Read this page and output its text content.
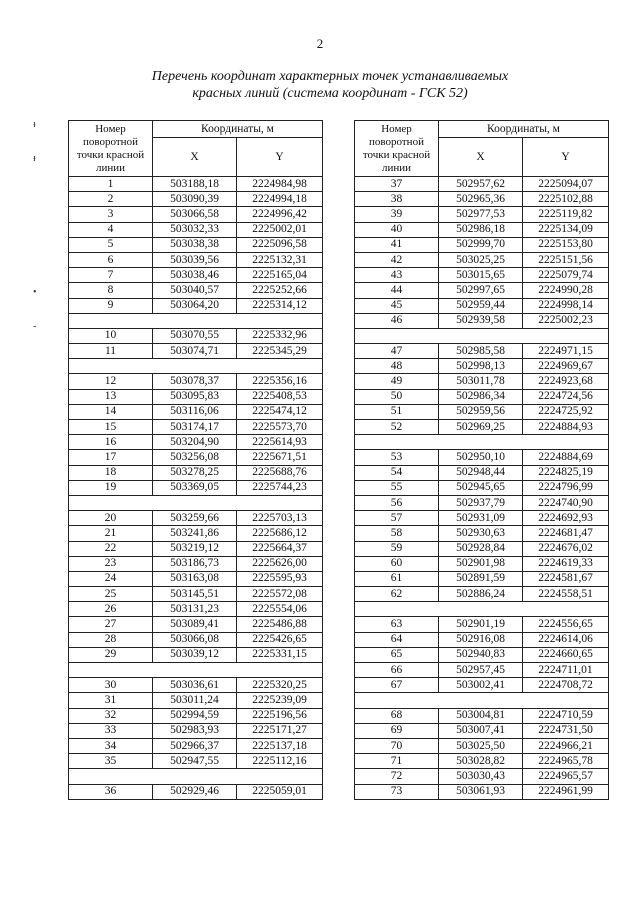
2
Перечень координат характерных точек устанавливаемых
красных линий (система координат - ГСК 52)
ᵻ
ᵻ
•
-
Номер поворотной точки красной линии	Координаты, м	
	X	Y
1	503188,18	2224984,98
2	503090,39	2224994,18
3	503066,58	2224996,42
4	503032,33	2225002,01
5	503038,38	2225096,58
6	503039,56	2225132,31
7	503038,46	2225165,04
8	503040,57	2225252,66
9	503064,20	2225314,12

10	503070,55	2225332,96
11	503074,71	2225345,29

12	503078,37	2225356,16
13	503095,83	2225408,53
14	503116,06	2225474,12
15	503174,17	2225573,70
16	503204,90	2225614,93
17	503256,08	2225671,51
18	503278,25	2225688,76
19	503369,05	2225744,23

20	503259,66	2225703,13
21	503241,86	2225686,12
22	503219,12	2225664,37
23	503186,73	2225626,00
24	503163,08	2225595,93
25	503145,51	2225572,08
26	503131,23	2225554,06
27	503089,41	2225486,88
28	503066,08	2225426,65
29	503039,12	2225331,15

30	503036,61	2225320,25
31	503011,24	2225239,09
32	502994,59	2225196,56
33	502983,93	2225171,27
34	502966,37	2225137,18
35	502947,55	2225112,16

36	502929,46	2225059,01
Номер поворотной точки красной линии	Координаты, м	
	X	Y
37	502957,62	2225094,07
38	502965,36	2225102,88
39	502977,53	2225119,82
40	502986,18	2225134,09
41	502999,70	2225153,80
42	503025,25	2225151,56
43	503015,65	2225079,74
44	502997,65	2224990,28
45	502959,44	2224998,14
46	502939,58	2225002,23

47	502985,58	2224971,15
48	502998,13	2224969,67
49	503011,78	2224923,68
50	502986,34	2224724,56
51	502959,56	2224725,92
52	502969,25	2224884,93

53	502950,10	2224884,69
54	502948,44	2224825,19
55	502945,65	2224796,99
56	502937,79	2224740,90
57	502931,09	2224692,93
58	502930,63	2224681,47
59	502928,84	2224676,02
60	502901,98	2224619,33
61	502891,59	2224581,67
62	502886,24	2224558,51

63	502901,19	2224556,65
64	502916,08	2224614,06
65	502940,83	2224660,65
66	502957,45	2224711,01
67	503002,41	2224708,72

68	503004,81	2224710,59
69	503007,41	2224731,50
70	503025,50	2224966,21
71	503028,82	2224965,78
72	503030,43	2224965,57
73	503061,93	2224961,99
